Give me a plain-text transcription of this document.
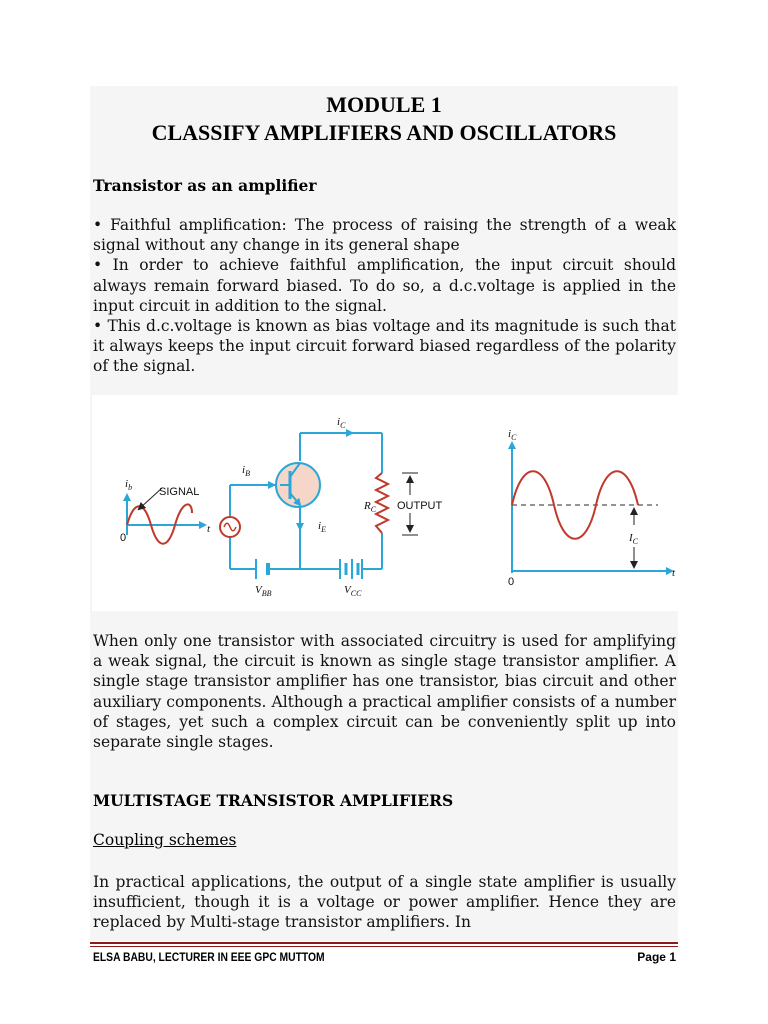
MODULE 1
CLASSIFY AMPLIFIERS AND OSCILLATORS
Transistor as an amplifier

• Faithful amplification: The process of raising the strength of a weak signal without any change in its general shape

• In order to achieve faithful amplification, the input circuit should always remain forward biased. To do so, a d.c.voltage is applied in the input circuit in addition to the signal.

• This d.c.voltage is known as bias voltage and its magnitude is such that it always keeps the input circuit forward biased regardless of the polarity of the signal.

SIGNAL
$i_b$
0
t
OUTPUT
$i_B$
$i_C$
$i_E$
$R_C$
$V_{BB}$	$V_{CC}$
$i_C$
$I_C$
0
t
When only one transistor with associated circuitry is used for amplifying a weak signal, the circuit is known as single stage transistor amplifier. A single stage transistor amplifier has one transistor, bias circuit and other auxiliary components. Although a practical amplifier consists of a number of stages, yet such a complex circuit can be conveniently split up into separate single stages.
MULTISTAGE TRANSISTOR AMPLIFIERS
Coupling schemes
In practical applications, the output of a single state amplifier is usually insufficient, though it is a voltage or power amplifier. Hence they are replaced by Multi-stage transistor amplifiers. In
ELSA BABU, LECTURER IN EEE GPC MUTTOM	Page 1
